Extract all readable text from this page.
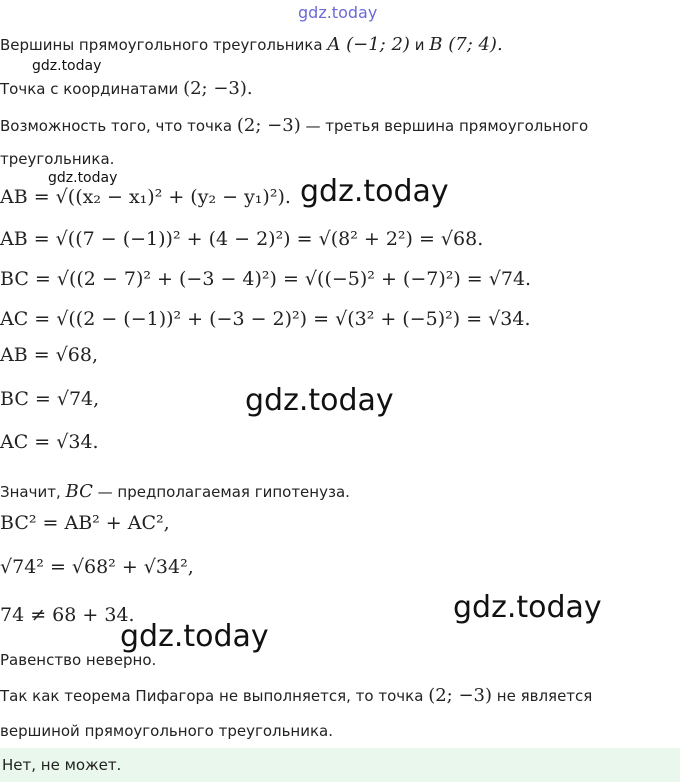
gdz.today
Вершины прямоугольного треугольника A (−1; 2) и B (7; 4).
gdz.today
Точка с координатами (2; −3).
Возможность того, что точка (2; −3) — третья вершина прямоугольного
треугольника.
gdz.today
AB = √((x₂ − x₁)² + (y₂ − y₁)²). gdz.today
AB = √((7 − (−1))² + (4 − 2)²) = √(8² + 2²) = √68.
BC = √((2 − 7)² + (−3 − 4)²) = √((−5)² + (−7)²) = √74.
AC = √((2 − (−1))² + (−3 − 2)²) = √(3² + (−5)²) = √34.
AB = √68,
BC = √74,	gdz.today
AC = √34.
Значит, BC — предполагаемая гипотенуза.
BC² = AB² + AC²,
√74² = √68² + √34²,
74 ≠ 68 + 34.	gdz.today
gdz.today
Равенство неверно.
Так как теорема Пифагора не выполняется, то точка (2; −3) не является
вершиной прямоугольного треугольника.
Нет, не может.
